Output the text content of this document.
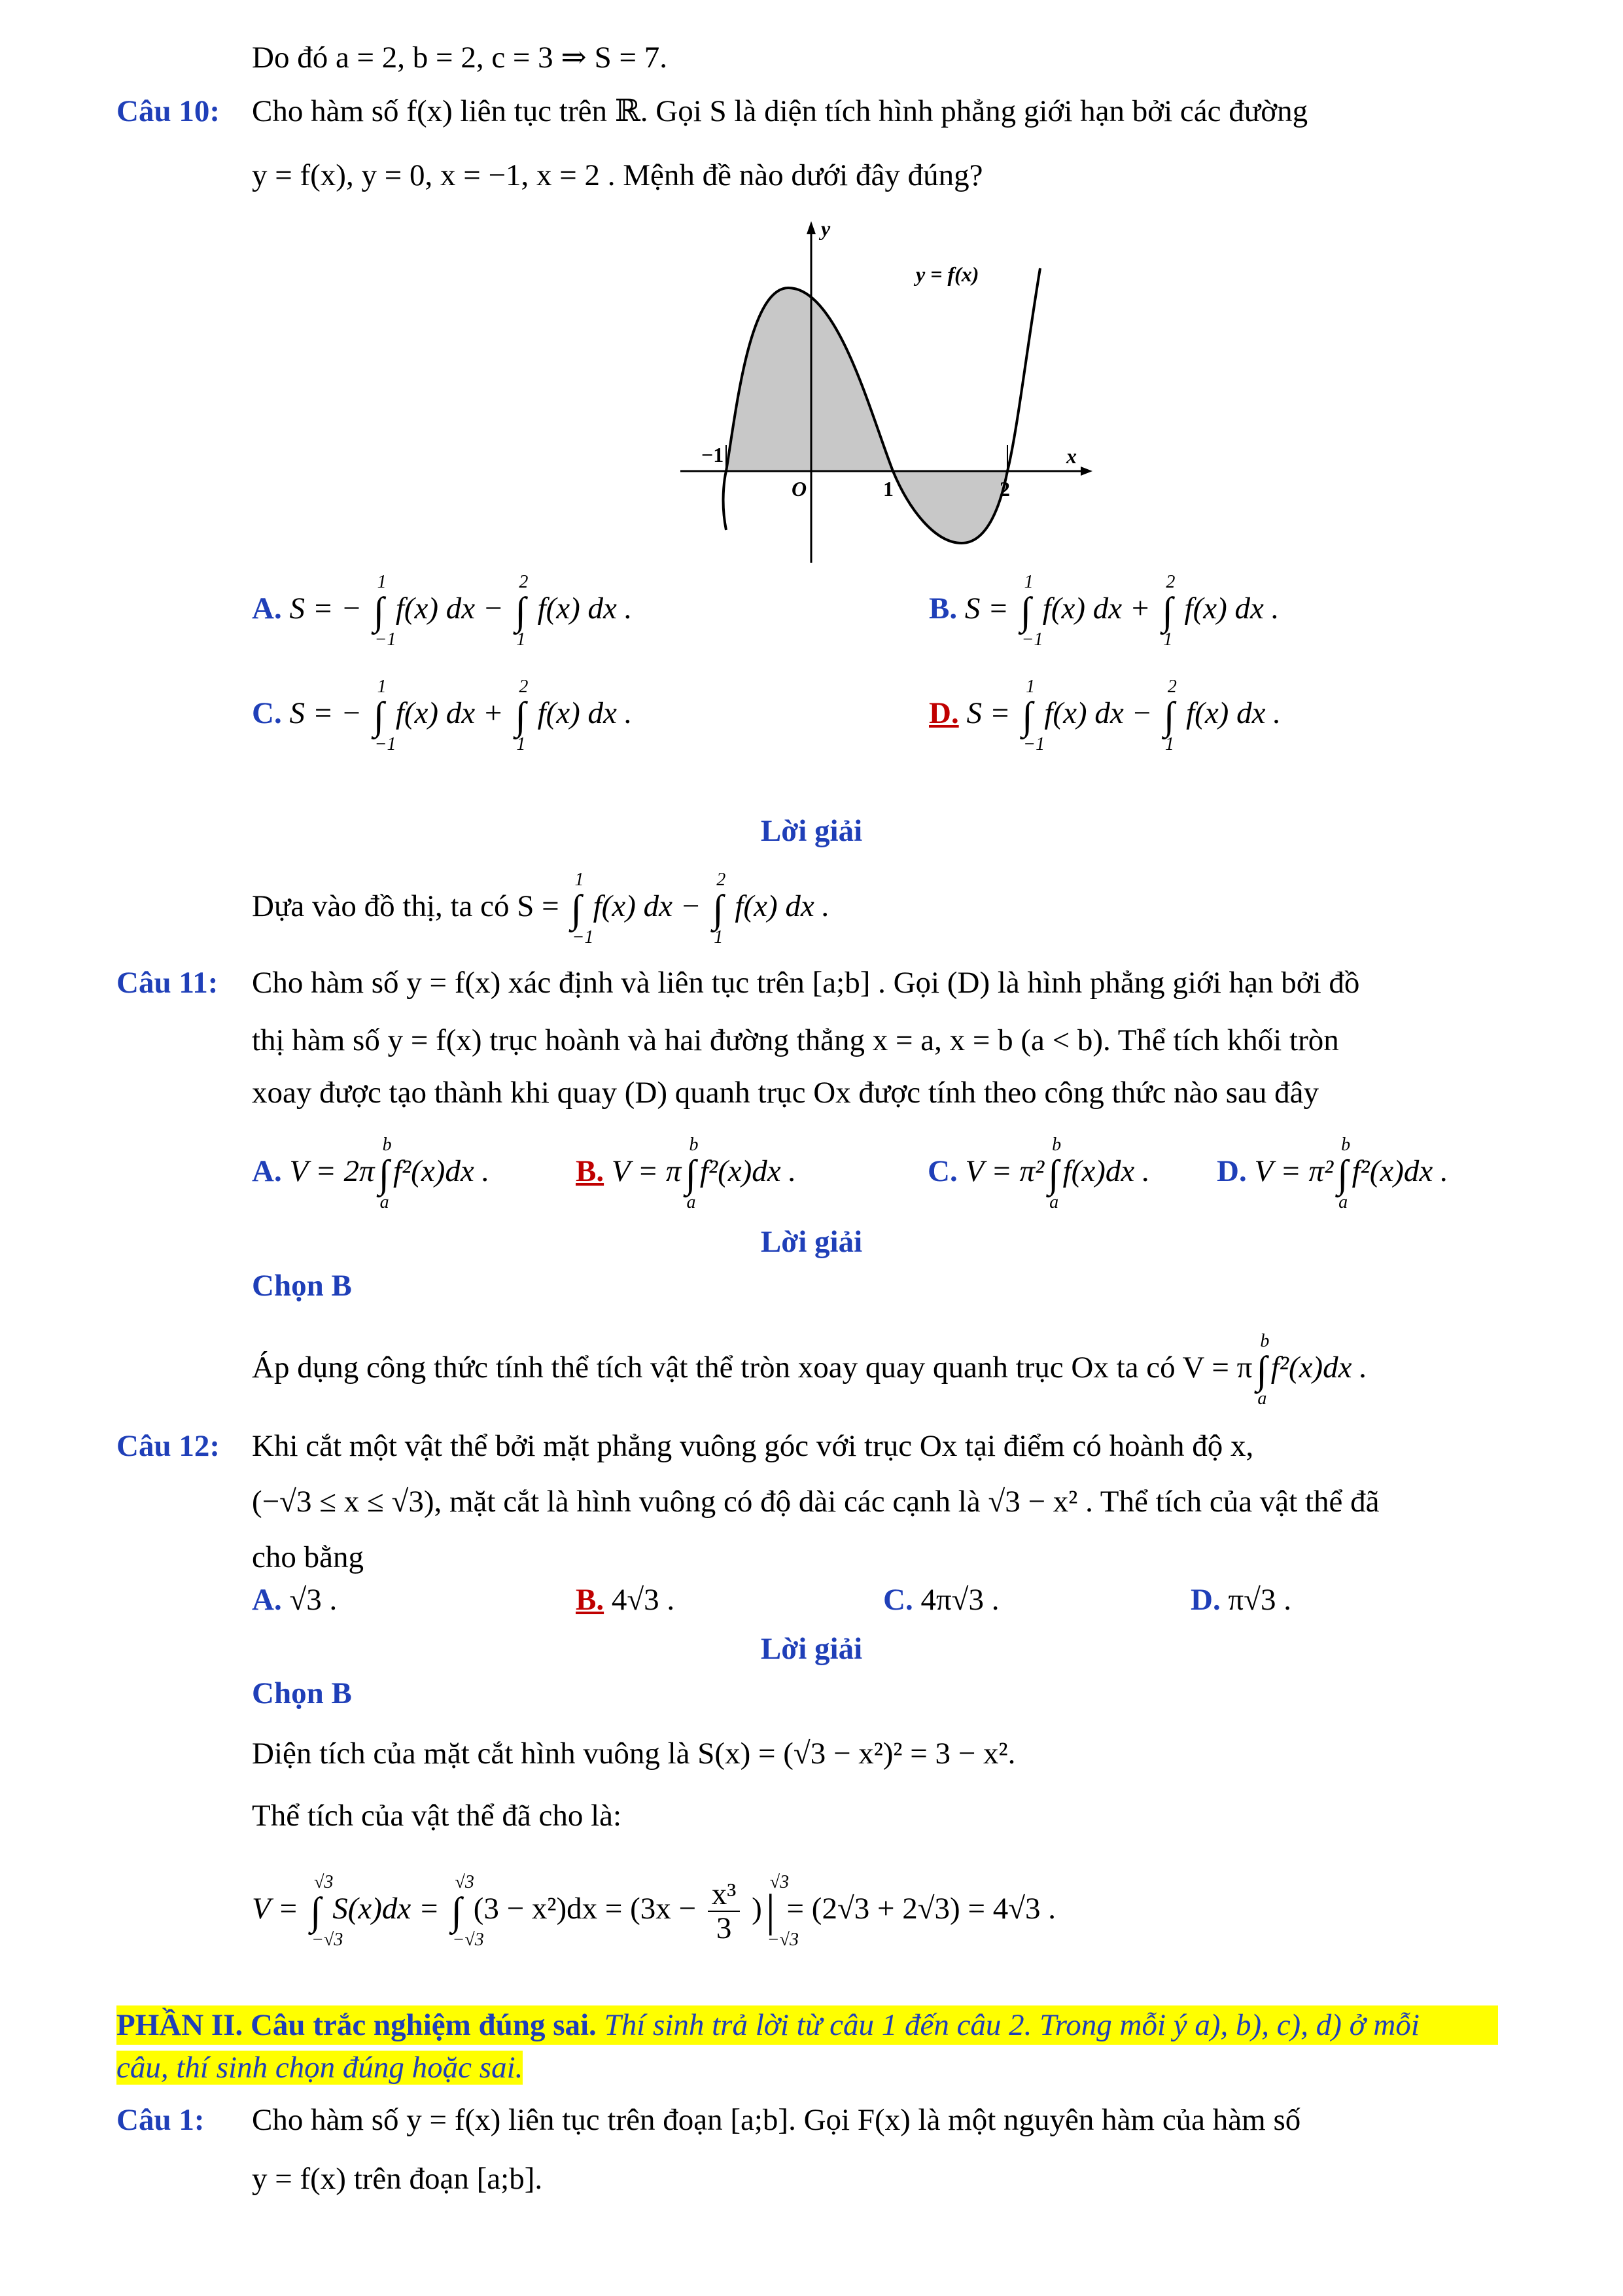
Do đó a = 2, b = 2, c = 3 ⇒ S = 7.
Câu 10: Cho hàm số f(x) liên tục trên ℝ. Gọi S là diện tích hình phẳng giới hạn bởi các đường
y = f(x), y = 0, x = −1, x = 2 . Mệnh đề nào dưới đây đúng?
y
x
y = f(x)
−1
O	1	2
A. S = − ∫
1
−1
f(x) dx − ∫
2
1
f(x) dx .	B. S = ∫
1
−1
f(x) dx + ∫
2
1
f(x) dx .
C. S = − ∫
1
−1
f(x) dx + ∫
2
1
f(x) dx .	D. S = ∫
1
−1
f(x) dx − ∫
2
1
f(x) dx .
Lời giải
Dựa vào đồ thị, ta có S = ∫
1
−1
f(x) dx − ∫
2
1
f(x) dx .
Câu 11: Cho hàm số y = f(x) xác định và liên tục trên [a;b] . Gọi (D) là hình phẳng giới hạn bởi đồ
thị hàm số y = f(x) trục hoành và hai đường thẳng x = a, x = b (a < b). Thể tích khối tròn
xoay được tạo thành khi quay (D) quanh trục Ox được tính theo công thức nào sau đây
A. V = 2π ∫
b
a
f²(x)dx .	B. V = π ∫
b
a
f²(x)dx .	C. V = π² ∫
b
a
f(x)dx . D. V = π² ∫
b
a
f²(x)dx .
Lời giải
Chọn B
Áp dụng công thức tính thể tích vật thể tròn xoay quay quanh trục Ox ta có V = π ∫
b
a
f²(x)dx .
Câu 12: Khi cắt một vật thể bởi mặt phẳng vuông góc với trục Ox tại điểm có hoành độ x,
(−√3 ≤ x ≤ √3), mặt cắt là hình vuông có độ dài các cạnh là √3 − x² . Thể tích của vật thể đã
cho bằng
A. √3 .	B. 4√3 .	C. 4π√3 .	D. π√3 .
Lời giải
Chọn B
Diện tích của mặt cắt hình vuông là S(x) = (√3 − x²)² = 3 − x².
Thể tích của vật thể đã cho là:
V = ∫
√3
−√3
S(x)dx = ∫
√3
−√3
$(3 - x^2)dx = (3x - \frac{\text{x³}}{3}$ )|
√3
−√3
= (2√3 + 2√3) = 4√3 .
PHẦN II. Câu trắc nghiệm đúng sai. Thí sinh trả lời từ câu 1 đến câu 2. Trong mỗi ý a), b), c), d) ở mỗi
câu, thí sinh chọn đúng hoặc sai.
Câu 1: Cho hàm số y = f(x) liên tục trên đoạn [a;b]. Gọi F(x) là một nguyên hàm của hàm số
y = f(x) trên đoạn [a;b].
